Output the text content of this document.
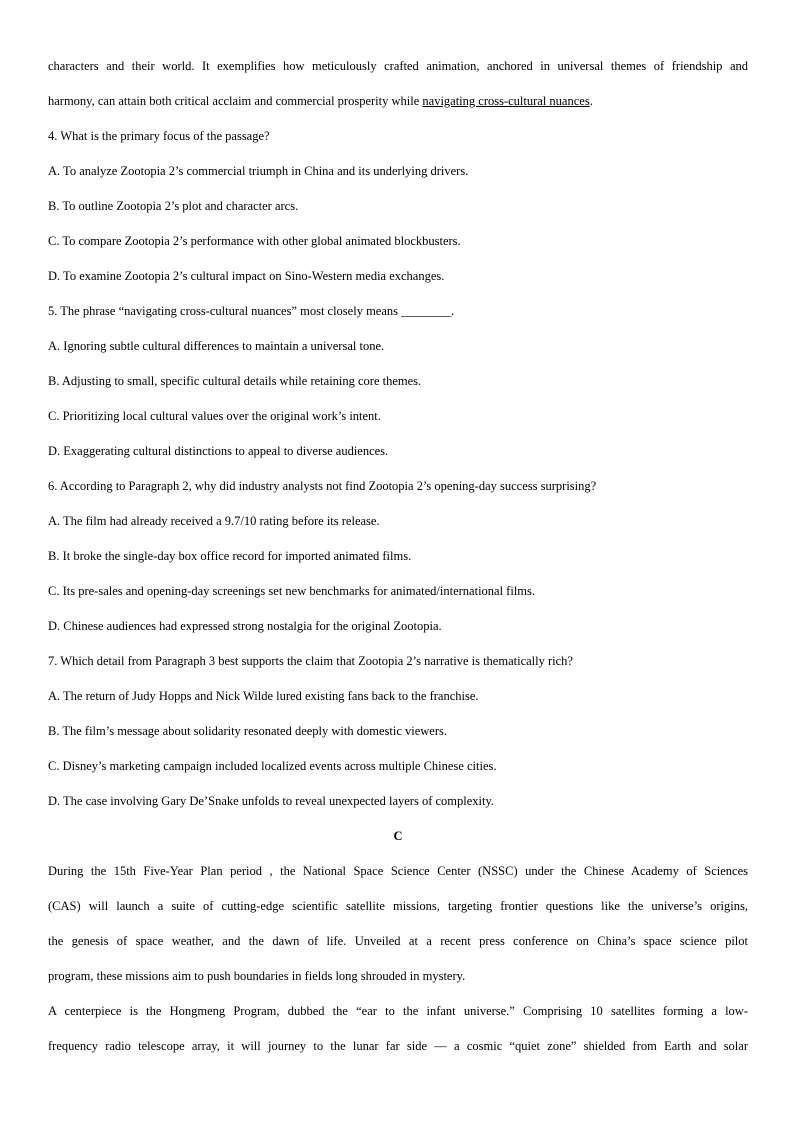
characters and their world. It exemplifies how meticulously crafted animation, anchored in universal themes of friendship and
harmony, can attain both critical acclaim and commercial prosperity while navigating cross-cultural nuances.
4. What is the primary focus of the passage?
A. To analyze Zootopia 2’s commercial triumph in China and its underlying drivers.
B. To outline Zootopia 2’s plot and character arcs.
C. To compare Zootopia 2’s performance with other global animated blockbusters.
D. To examine Zootopia 2’s cultural impact on Sino-Western media exchanges.
5. The phrase “navigating cross-cultural nuances” most closely means ________.
A. Ignoring subtle cultural differences to maintain a universal tone.
B. Adjusting to small, specific cultural details while retaining core themes.
C. Prioritizing local cultural values over the original work’s intent.
D. Exaggerating cultural distinctions to appeal to diverse audiences.
6. According to Paragraph 2, why did industry analysts not find Zootopia 2’s opening-day success surprising?
A. The film had already received a 9.7/10 rating before its release.
B. It broke the single-day box office record for imported animated films.
C. Its pre-sales and opening-day screenings set new benchmarks for animated/international films.
D. Chinese audiences had expressed strong nostalgia for the original Zootopia.
7. Which detail from Paragraph 3 best supports the claim that Zootopia 2’s narrative is thematically rich?
A. The return of Judy Hopps and Nick Wilde lured existing fans back to the franchise.
B. The film’s message about solidarity resonated deeply with domestic viewers.
C. Disney’s marketing campaign included localized events across multiple Chinese cities.
D. The case involving Gary De’Snake unfolds to reveal unexpected layers of complexity.
C
During the 15th Five-Year Plan period , the National Space Science Center (NSSC) under the Chinese Academy of Sciences
(CAS) will launch a suite of cutting-edge scientific satellite missions, targeting frontier questions like the universe’s origins,
the genesis of space weather, and the dawn of life. Unveiled at a recent press conference on China’s space science pilot
program, these missions aim to push boundaries in fields long shrouded in mystery.
A centerpiece is the Hongmeng Program, dubbed the “ear to the infant universe.” Comprising 10 satellites forming a low-
frequency radio telescope array, it will journey to the lunar far side — a cosmic “quiet zone” shielded from Earth and solar
